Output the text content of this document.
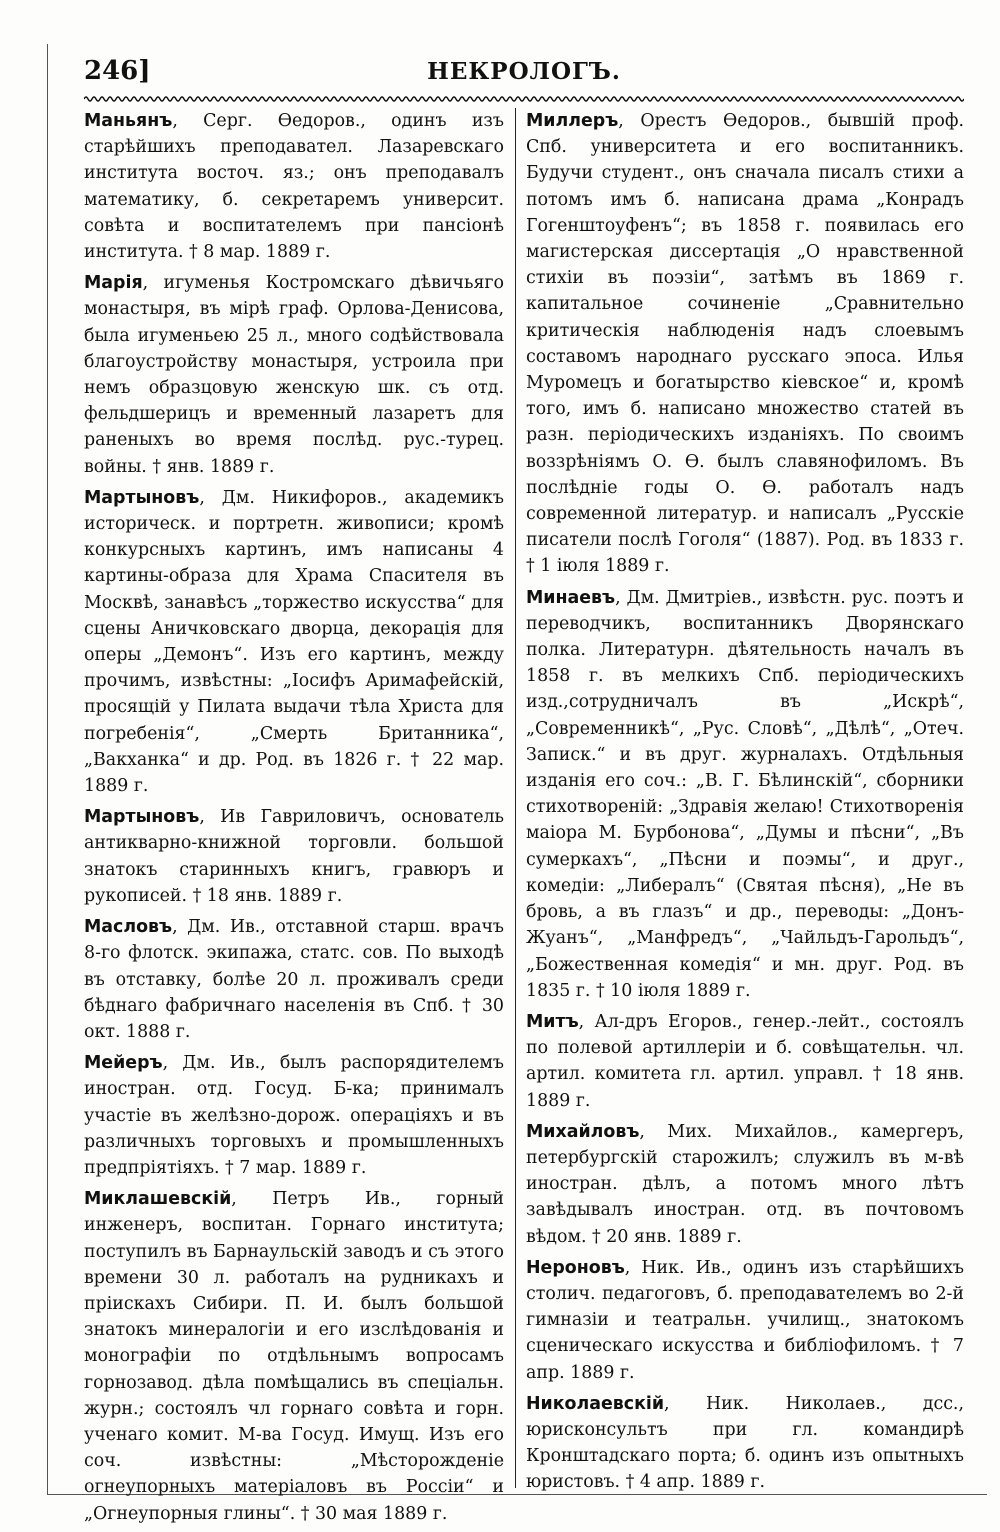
246]	НЕКРОЛОГЪ.

Маньянъ, Серг. Өедоров., одинъ изъ старѣйшихъ преподавател. Лазаревскаго института восточ. яз.; онъ преподавалъ математику, б. секретаремъ университ. совѣта и воспитателемъ при пансіонѣ института. † 8 мар. 1889 г.

Марія, игуменья Костромскаго дѣвичьяго монастыря, въ мірѣ граф. Орлова-Денисова, была игуменьею 25 л., много содѣйствовала благоустройству монастыря, устроила при немъ образцовую женскую шк. съ отд. фельдшерицъ и временный лазаретъ для раненыхъ во время послѣд. рус.-турец. войны. † янв. 1889 г.

Мартыновъ, Дм. Никифоров., академикъ историческ. и портретн. живописи; кромѣ конкурсныхъ картинъ, имъ написаны 4 картины-образа для Храма Спасителя въ Москвѣ, занавѣсъ „торжество искусства“ для сцены Аничковскаго дворца, декорація для оперы „Демонъ“. Изъ его картинъ, между прочимъ, извѣстны: „Іосифъ Аримафейскій, просящій у Пилата выдачи тѣла Христа для погребенія“, „Смерть Британника“, „Вакханка“ и др. Род. въ 1826 г. † 22 мар. 1889 г.

Мартыновъ, Ив Гавриловичъ, основатель антикварно-книжной торговли. большой знатокъ старинныхъ книгъ, гравюръ и рукописей. † 18 янв. 1889 г.

Масловъ, Дм. Ив., отставной старш. врачъ 8-го флотск. экипажа, статс. сов. По выходѣ въ отставку, болѣе 20 л. проживалъ среди бѣднаго фабричнаго населенія въ Спб. † 30 окт. 1888 г.

Мейеръ, Дм. Ив., былъ распорядителемъ иностран. отд. Госуд. Б-ка; принималъ участіе въ желѣзно-дорож. операціяхъ и въ различныхъ торговыхъ и промышленныхъ предпріятіяхъ. † 7 мар. 1889 г.

Миклашевскій, Петръ Ив., горный инженеръ, воспитан. Горнаго института; поступилъ въ Барнаульскій заводъ и съ этого времени 30 л. работалъ на рудникахъ и пріискахъ Сибири. П. И. былъ большой знатокъ минералогіи и его изслѣдованія и монографіи по отдѣльнымъ вопросамъ горнозавод. дѣла помѣщались въ спеціальн. журн.; состоялъ чл горнаго совѣта и горн. ученаго комит. М-ва Госуд. Имущ. Изъ его соч. извѣстны: „Мѣсторожденіе огнеупорныхъ матеріаловъ въ Россіи“ и „Огнеупорныя глины“. † 30 мая 1889 г.

Миллеръ, Орестъ Өедоров., бывшій проф. Спб. университета и его воспитанникъ. Будучи студент., онъ сначала писалъ стихи а потомъ имъ б. написана драма „Конрадъ Гогенштоуфенъ“; въ 1858 г. появилась его магистерская диссертація „О нравственной стихіи въ поэзіи“, затѣмъ въ 1869 г. капитальное сочиненіе „Сравнительно критическія наблюденія надъ слоевымъ составомъ народнаго русскаго эпоса. Илья Муромецъ и богатырство кіевское“ и, кромѣ того, имъ б. написано множество статей въ разн. періодическихъ изданіяхъ. По своимъ воззрѣніямъ О. Ө. былъ славянофиломъ. Въ послѣдніе годы О. Ө. работалъ надъ современной литератур. и написалъ „Русскіе писатели послѣ Гоголя“ (1887). Род. въ 1833 г. † 1 іюля 1889 г.

Минаевъ, Дм. Дмитріев., извѣстн. рус. поэтъ и переводчикъ, воспитанникъ Дворянскаго полка. Литературн. дѣятельность началъ въ 1858 г. въ мелкихъ Спб. періодическихъ изд.,сотрудничалъ въ „Искрѣ“, „Современникѣ“, „Рус. Словѣ“, „Дѣлѣ“, „Отеч. Записк.“ и въ друг. журналахъ. Отдѣльныя изданія его соч.: „В. Г. Бѣлинскій“, сборники стихотвореній: „Здравія желаю! Стихотворенія маіора М. Бурбонова“, „Думы и пѣсни“, „Въ сумеркахъ“, „Пѣсни и поэмы“, и друг., комедіи: „Либералъ“ (Святая пѣсня), „Не въ бровь, а въ глазъ“ и др., переводы: „Донъ-Жуанъ“, „Манфредъ“, „Чайльдъ-Гарольдъ“, „Божественная комедія“ и мн. друг. Род. въ 1835 г. † 10 іюля 1889 г.

Митъ, Ал-дръ Егоров., генер.-лейт., состоялъ по полевой артиллеріи и б. совѣщательн. чл. артил. комитета гл. артил. управл. † 18 янв. 1889 г.

Михайловъ, Мих. Михайлов., камергеръ, петербургскій старожилъ; служилъ въ м-вѣ иностран. дѣлъ, а потомъ много лѣтъ завѣдывалъ иностран. отд. въ почтовомъ вѣдом. † 20 янв. 1889 г.

Нероновъ, Ник. Ив., одинъ изъ старѣйшихъ столич. педагоговъ, б. преподавателемъ во 2-й гимназіи и театральн. училищ., знатокомъ сценическаго искусства и библіофиломъ. † 7 апр. 1889 г.

Николаевскій, Ник. Николаев., дсс., юрисконсультъ при гл. командирѣ Кронштадскаго порта; б. одинъ изъ опытныхъ юристовъ. † 4 апр. 1889 г.
